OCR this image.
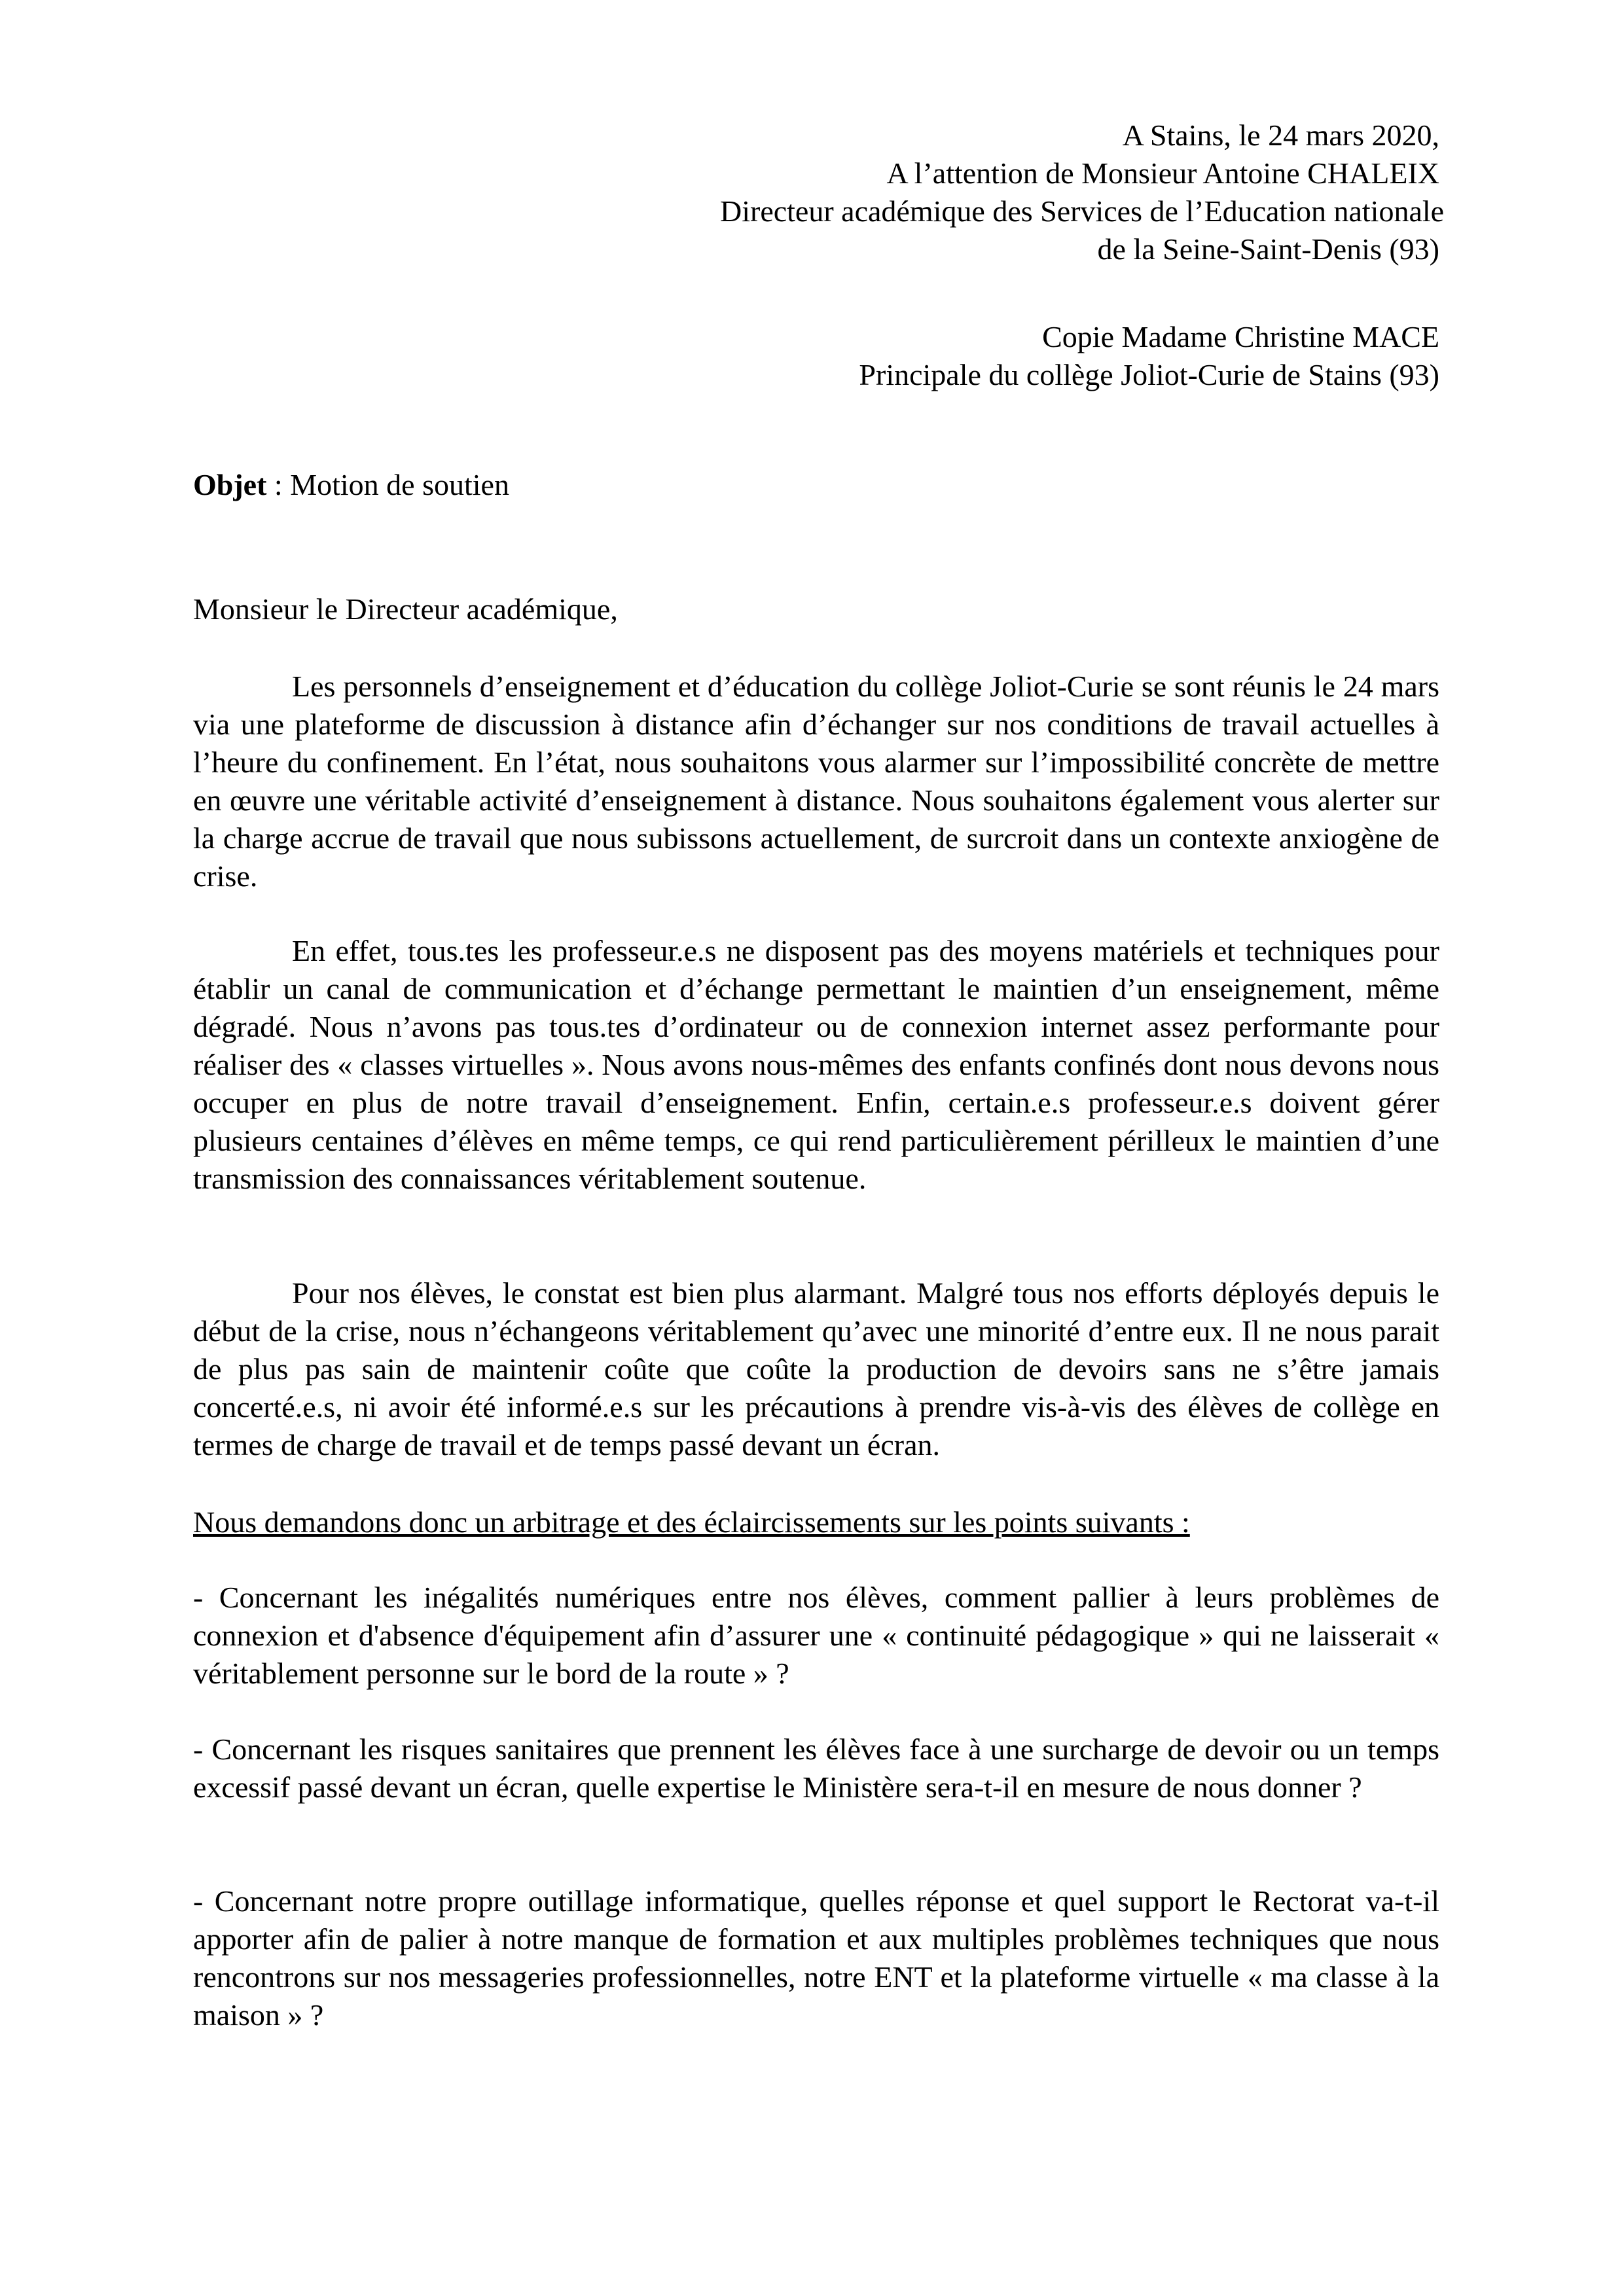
A Stains, le 24 mars 2020,
A l’attention de Monsieur Antoine CHALEIX
Directeur académique des Services de l’Education nationale
de la Seine-Saint-Denis (93)
Copie Madame Christine MACE
Principale du collège Joliot-Curie de Stains (93)
Objet : Motion de soutien
Monsieur le Directeur académique,
Les personnels d’enseignement et d’éducation du collège Joliot-Curie se sont réunis le 24 mars via une plateforme de discussion à distance afin d’échanger sur nos conditions de travail actuelles à l’heure du confinement. En l’état, nous souhaitons vous alarmer sur l’impossibilité concrète de mettre en œuvre une véritable activité d’enseignement à distance. Nous souhaitons également vous alerter sur la charge accrue de travail que nous subissons actuellement, de surcroit dans un contexte anxiogène de crise.
En effet, tous.tes les professeur.e.s ne disposent pas des moyens matériels et techniques pour établir un canal de communication et d’échange permettant le maintien d’un enseignement, même dégradé. Nous n’avons pas tous.tes d’ordinateur ou de connexion internet assez performante pour réaliser des « classes virtuelles ». Nous avons nous-mêmes des enfants confinés dont nous devons nous occuper en plus de notre travail d’enseignement. Enfin, certain.e.s professeur.e.s doivent gérer plusieurs centaines d’élèves en même temps, ce qui rend particulièrement périlleux le maintien d’une transmission des connaissances véritablement soutenue.
Pour nos élèves, le constat est bien plus alarmant. Malgré tous nos efforts déployés depuis le début de la crise, nous n’échangeons véritablement qu’avec une minorité d’entre eux. Il ne nous parait de plus pas sain de maintenir coûte que coûte la production de devoirs sans ne s’être jamais concerté.e.s, ni avoir été informé.e.s sur les précautions à prendre vis-à-vis des élèves de collège en termes de charge de travail et de temps passé devant un écran.
Nous demandons donc un arbitrage et des éclaircissements sur les points suivants :
- Concernant les inégalités numériques entre nos élèves, comment pallier à leurs problèmes de connexion et d'absence d'équipement afin d’assurer une « continuité pédagogique » qui ne laisserait « véritablement personne sur le bord de la route » ?
- Concernant les risques sanitaires que prennent les élèves face à une surcharge de devoir ou un temps excessif passé devant un écran, quelle expertise le Ministère sera-t-il en mesure de nous donner ?
- Concernant notre propre outillage informatique, quelles réponse et quel support le Rectorat va-t-il apporter afin de palier à notre manque de formation et aux multiples problèmes techniques que nous rencontrons sur nos messageries professionnelles, notre ENT et la plateforme virtuelle « ma classe à la maison » ?
